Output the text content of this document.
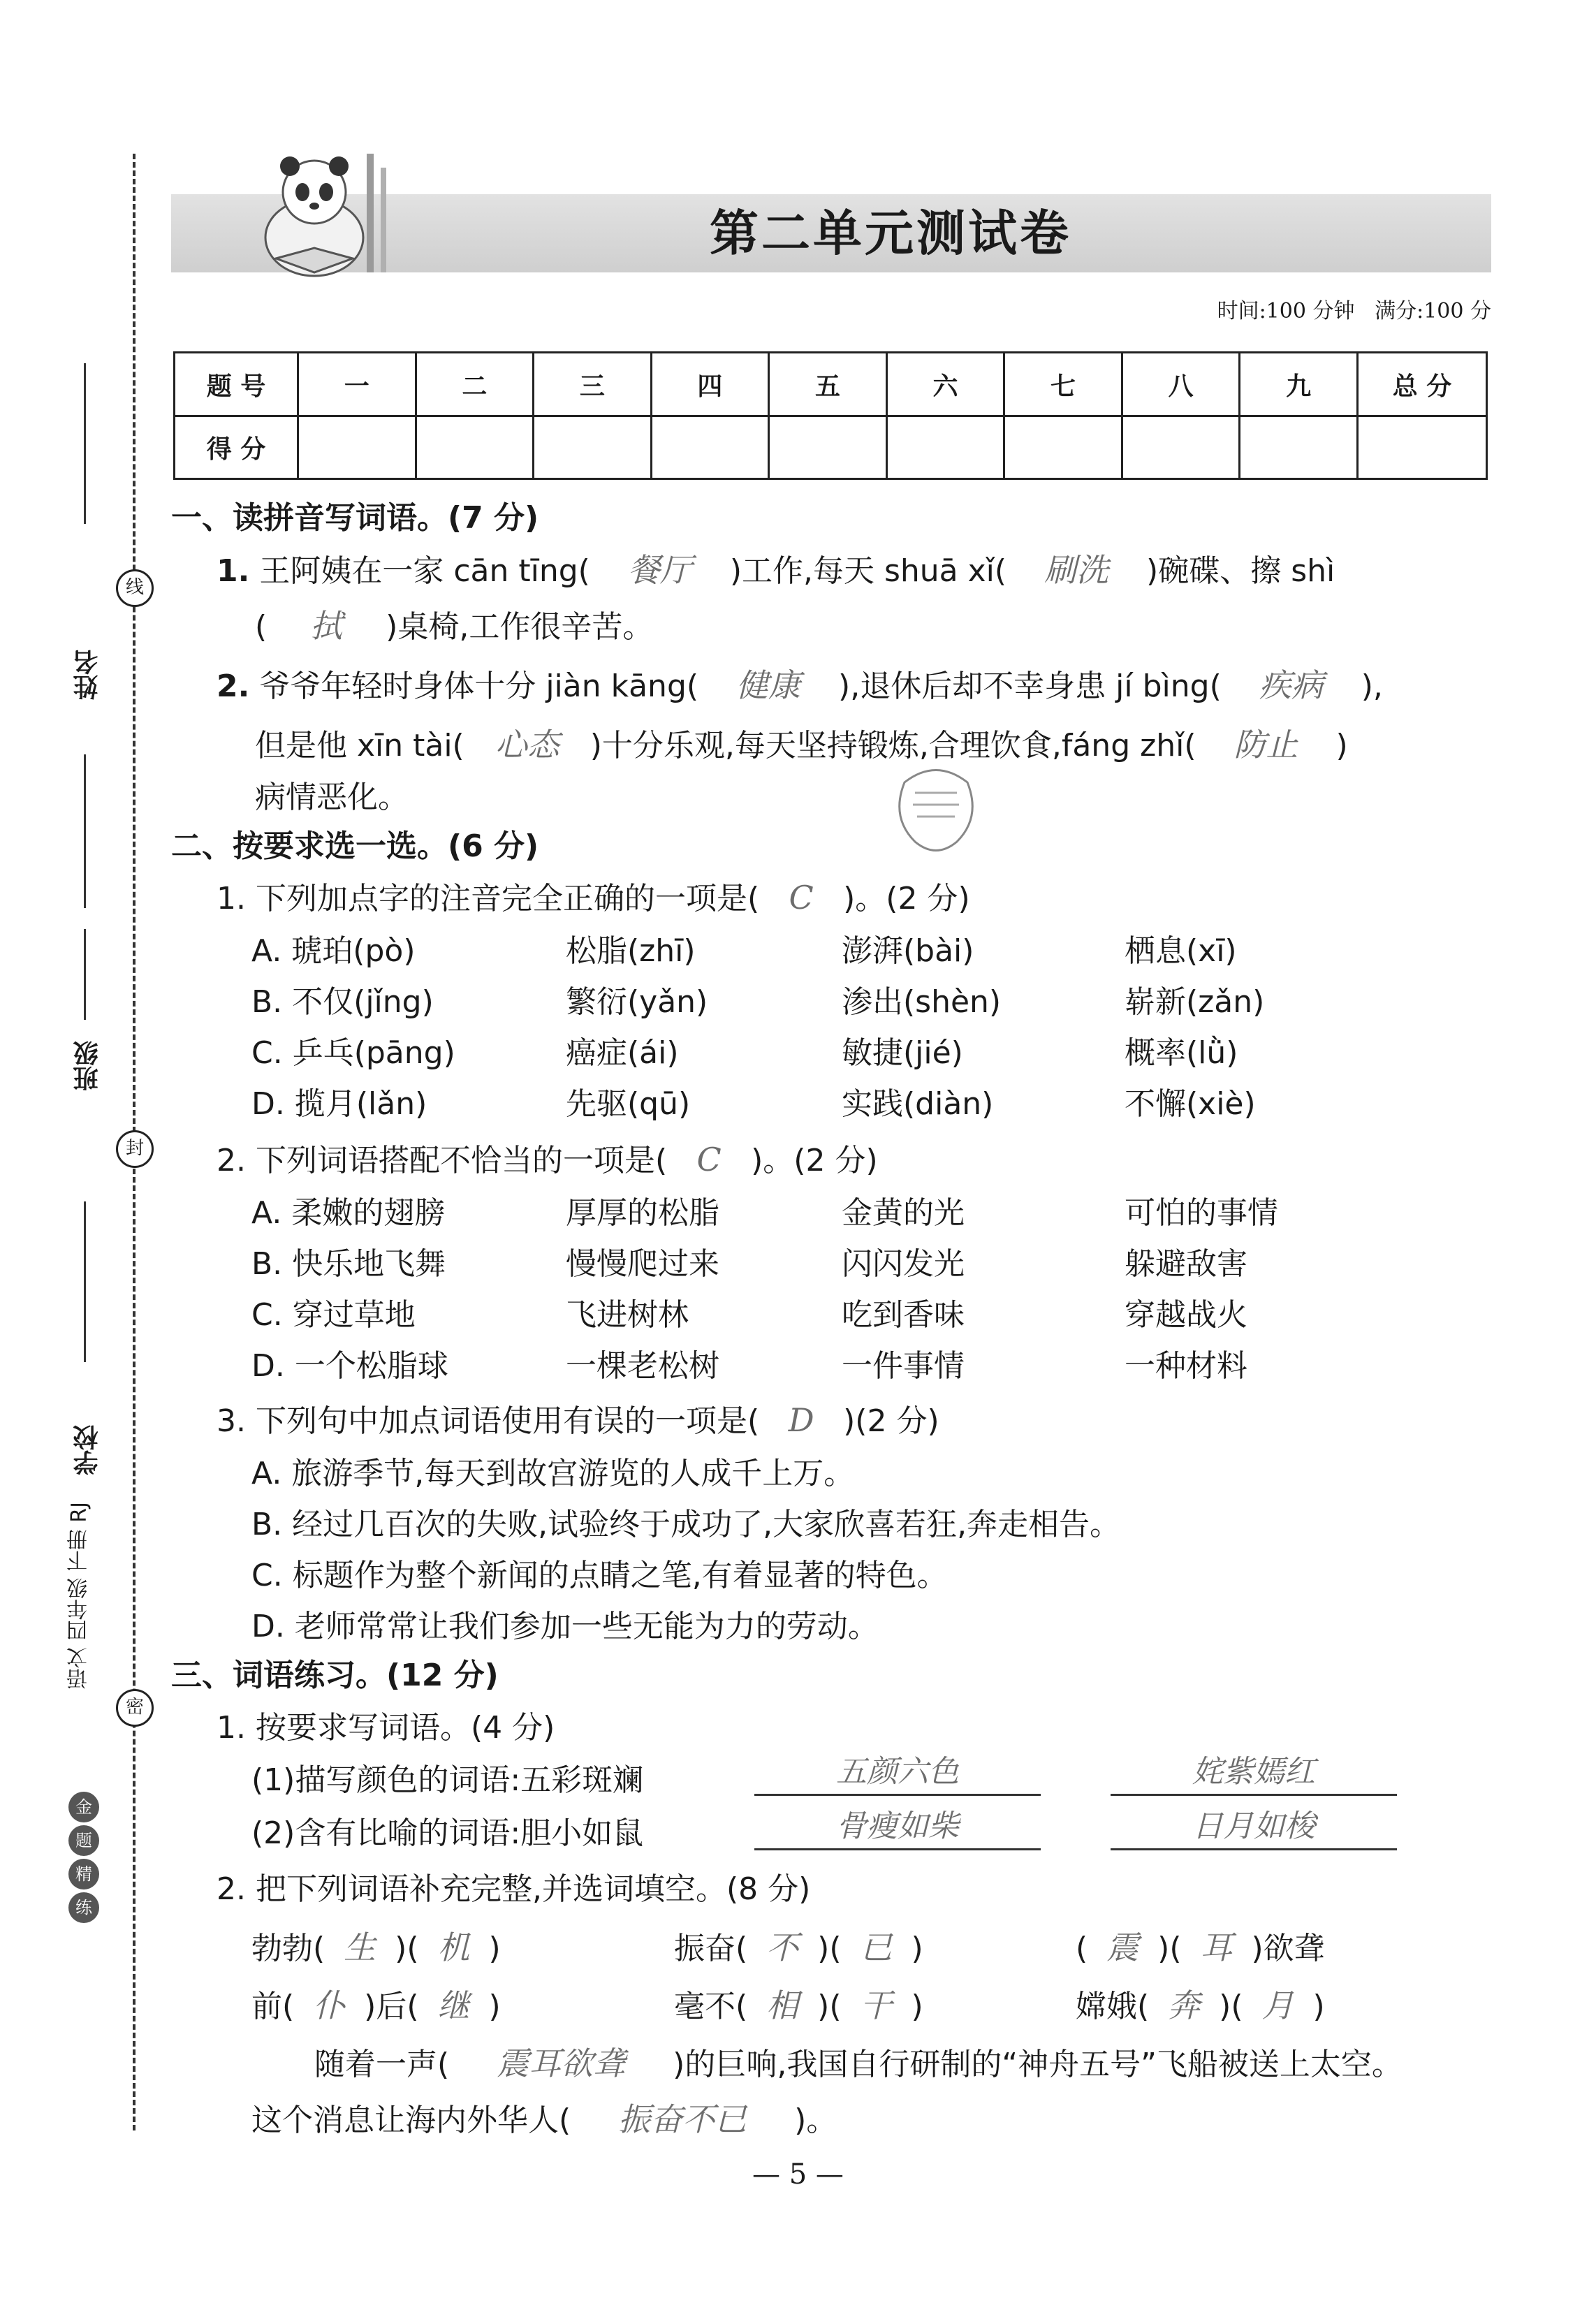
线
封
密
姓名
班级
学校
语文 四年级 下册 RJ
金
题
精
练
第二单元测试卷
时间:100 分钟 满分:100 分
题 号	一	二	三	四	五	六	七	八	九	总 分
得 分										
一、读拼音写词语。(7 分)
1. 王阿姨在一家 cān tīng( 餐厅 )工作,每天 shuā xǐ( 刷洗 )碗碟、擦 shì
( 拭 )桌椅,工作很辛苦。
2. 爷爷年轻时身体十分 jiàn kāng( 健康 ),退休后却不幸身患 jí bìng( 疾病 ),
但是他 xīn tài( 心态 )十分乐观,每天坚持锻炼,合理饮食,fáng zhǐ( 防止 )
病情恶化。
二、按要求选一选。(6 分)
1. 下列加点字的注音完全正确的一项是( C )。(2 分)
A. 琥珀(pò)	松脂(zhī)	澎湃(bài)	栖息(xī)
B. 不仅(jǐng)	繁衍(yǎn)	渗出(shèn)	崭新(zǎn)
C. 乒乓(pāng)	癌症(ái)	敏捷(jié)	概率(lǜ)
D. 揽月(lǎn)	先驱(qū)	实践(diàn)	不懈(xiè)
2. 下列词语搭配不恰当的一项是( C )。(2 分)
A. 柔嫩的翅膀	厚厚的松脂	金黄的光	可怕的事情
B. 快乐地飞舞	慢慢爬过来	闪闪发光	躲避敌害
C. 穿过草地	飞进树林	吃到香味	穿越战火
D. 一个松脂球	一棵老松树	一件事情	一种材料
3. 下列句中加点词语使用有误的一项是( D )(2 分)
A. 旅游季节,每天到故宫游览的人成千上万。
B. 经过几百次的失败,试验终于成功了,大家欣喜若狂,奔走相告。
C. 标题作为整个新闻的点睛之笔,有着显著的特色。
D. 老师常常让我们参加一些无能为力的劳动。
三、词语练习。(12 分)
1. 按要求写词语。(4 分)
(1)描写颜色的词语:五彩斑斓	五颜六色	姹紫嫣红
(2)含有比喻的词语:胆小如鼠	骨瘦如柴	日月如梭
2. 把下列词语补充完整,并选词填空。(8 分)
勃勃( 生 )( 机 )	振奋( 不 )( 已 )	( 震 )( 耳 )欲聋
前( 仆 )后( 继 )	毫不( 相 )( 干 )	嫦娥( 奔 )( 月 )
随着一声( 震耳欲聋 )的巨响,我国自行研制的“神舟五号”飞船被送上太空。
这个消息让海内外华人( 振奋不已 )。
— 5 —
